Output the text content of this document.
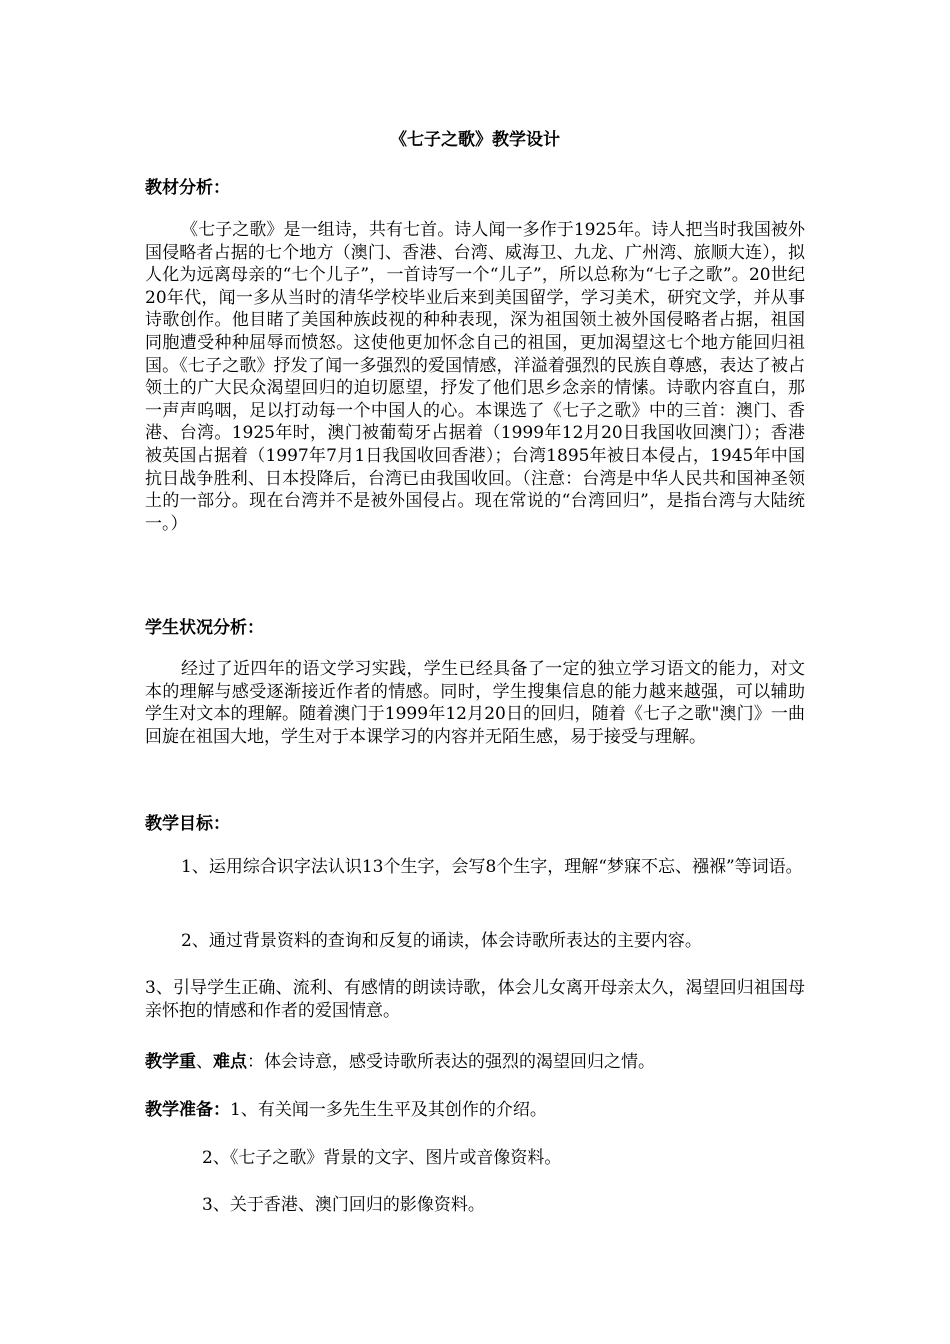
《七子之歌》教学设计
教材分析：

《七子之歌》是一组诗，共有七首。诗人闻一多作于1925年。诗人把当时我国被外国侵略者占据的七个地方（澳门、香港、台湾、威海卫、九龙、广州湾、旅顺大连），拟人化为远离母亲的“七个儿子”，一首诗写一个“儿子”，所以总称为“七子之歌”。20世纪20年代，闻一多从当时的清华学校毕业后来到美国留学，学习美术，研究文学，并从事诗歌创作。他目睹了美国种族歧视的种种表现，深为祖国领土被外国侵略者占据，祖国同胞遭受种种屈辱而愤怒。这使他更加怀念自己的祖国，更加渴望这七个地方能回归祖国。《七子之歌》抒发了闻一多强烈的爱国情感，洋溢着强烈的民族自尊感，表达了被占领土的广大民众渴望回归的迫切愿望，抒发了他们思乡念亲的情愫。诗歌内容直白，那一声声呜咽，足以打动每一个中国人的心。本课选了《七子之歌》中的三首：澳门、香港、台湾。1925年时，澳门被葡萄牙占据着（1999年12月20日我国收回澳门）；香港被英国占据着（1997年7月1日我国收回香港）；台湾1895年被日本侵占，1945年中国抗日战争胜利、日本投降后，台湾已由我国收回。（注意：台湾是中华人民共和国神圣领土的一部分。现在台湾并不是被外国侵占。现在常说的“台湾回归”，是指台湾与大陆统一。）

学生状况分析：

经过了近四年的语文学习实践，学生已经具备了一定的独立学习语文的能力，对文本的理解与感受逐渐接近作者的情感。同时，学生搜集信息的能力越来越强，可以辅助学生对文本的理解。随着澳门于1999年12月20日的回归，随着《七子之歌"澳门》一曲回旋在祖国大地，学生对于本课学习的内容并无陌生感，易于接受与理解。

教学目标：

1、运用综合识字法认识13个生字，会写8个生字，理解“梦寐不忘、襁褓”等词语。

2、通过背景资料的查询和反复的诵读，体会诗歌所表达的主要内容。

3、引导学生正确、流利、有感情的朗读诗歌，体会儿女离开母亲太久，渴望回归祖国母亲怀抱的情感和作者的爱国情意。

教学重、难点：体会诗意，感受诗歌所表达的强烈的渴望回归之情。

教学准备：1、有关闻一多先生生平及其创作的介绍。

2、《七子之歌》背景的文字、图片或音像资料。

3、关于香港、澳门回归的影像资料。
